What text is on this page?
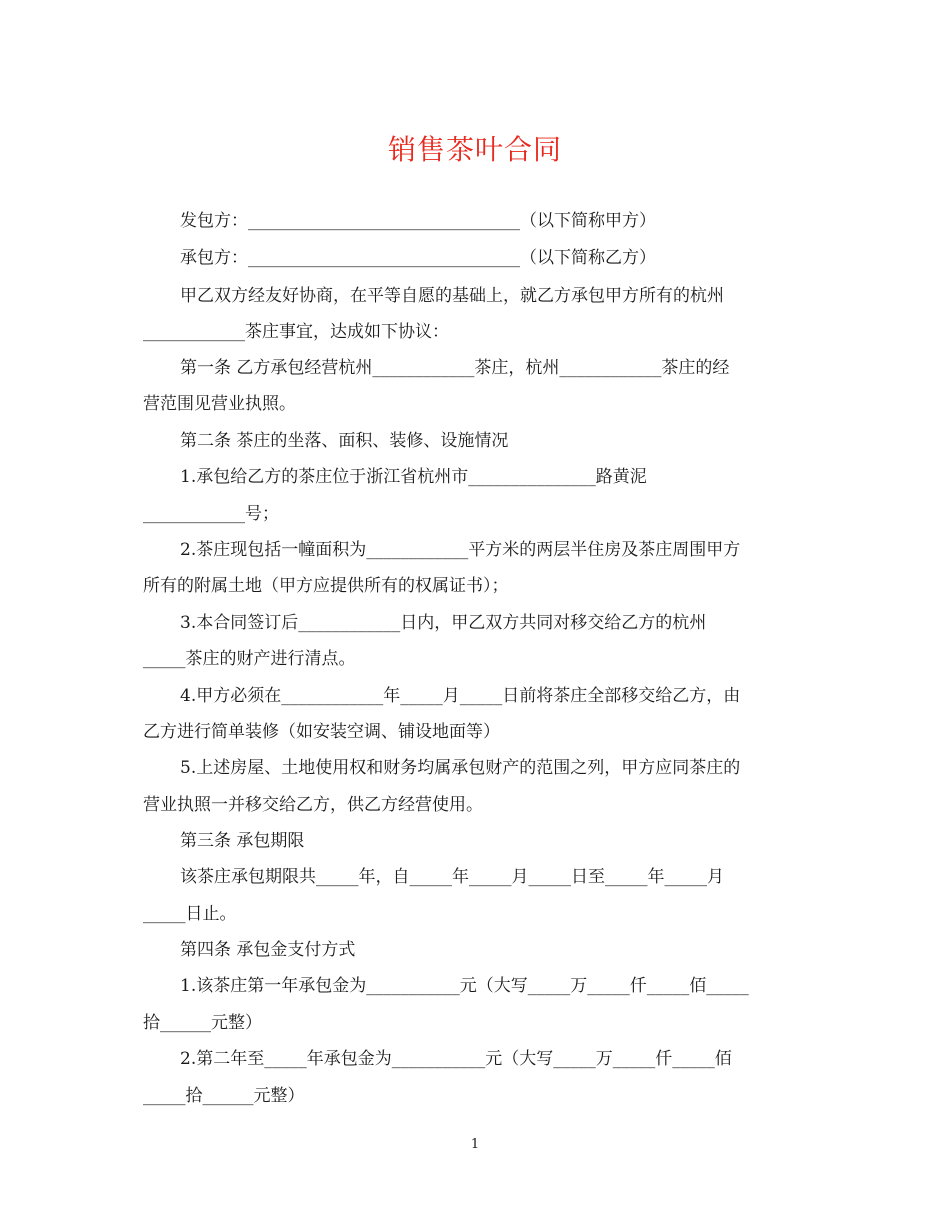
销售茶叶合同
发包方：________________________________（以下简称甲方）
承包方：________________________________（以下简称乙方）
甲乙双方经友好协商，在平等自愿的基础上，就乙方承包甲方所有的杭州
____________茶庄事宜，达成如下协议：
第一条 乙方承包经营杭州____________茶庄，杭州____________茶庄的经
营范围见营业执照。
第二条 茶庄的坐落、面积、装修、设施情况
1.承包给乙方的茶庄位于浙江省杭州市_______________路黄泥
____________号；
2.茶庄现包括一幢面积为____________平方米的两层半住房及茶庄周围甲方
所有的附属土地（甲方应提供所有的权属证书）；
3.本合同签订后____________日内，甲乙双方共同对移交给乙方的杭州
_____茶庄的财产进行清点。
4.甲方必须在____________年_____月_____日前将茶庄全部移交给乙方，由
乙方进行简单装修（如安装空调、铺设地面等）
5.上述房屋、土地使用权和财务均属承包财产的范围之列，甲方应同茶庄的
营业执照一并移交给乙方，供乙方经营使用。
第三条 承包期限
该茶庄承包期限共_____年，自_____年_____月_____日至_____年_____月
_____日止。
第四条 承包金支付方式
1.该茶庄第一年承包金为___________元（大写_____万_____仟_____佰_____
拾______元整）
2.第二年至_____年承包金为___________元（大写_____万_____仟_____佰
_____拾______元整）
1
